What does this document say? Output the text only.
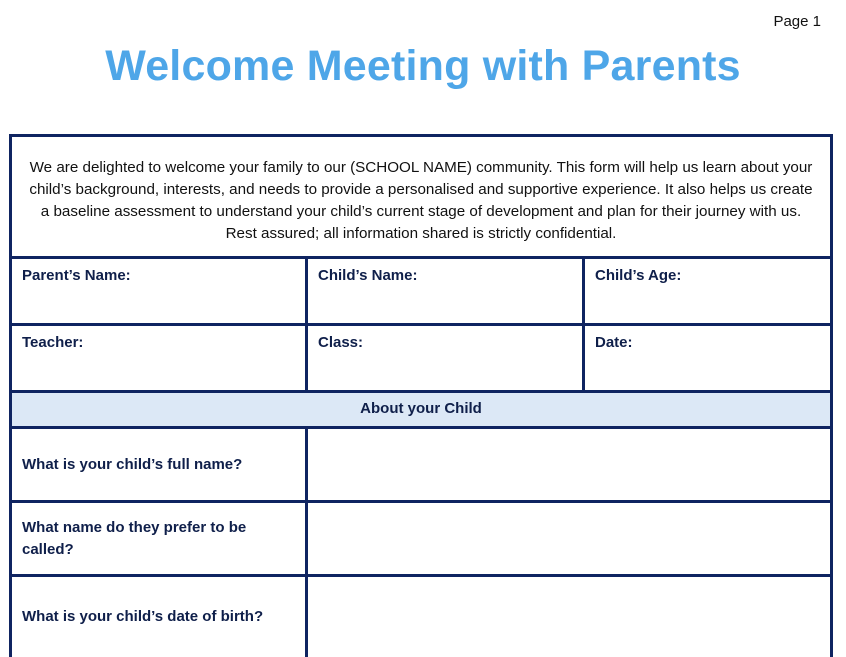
Page 1
Welcome Meeting with Parents
We are delighted to welcome your family to our (SCHOOL NAME) community. This form will help us learn about your child’s background, interests, and needs to provide a personalised and supportive experience. It also helps us create a baseline assessment to understand your child’s current stage of development and plan for their journey with us. Rest assured; all information shared is strictly confidential.
Parent’s Name:	Child’s Name:	Child’s Age:
Teacher:	Class:	Date:
About your Child
What is your child’s full name?
What name do they prefer to be called?
What is your child’s date of birth?
